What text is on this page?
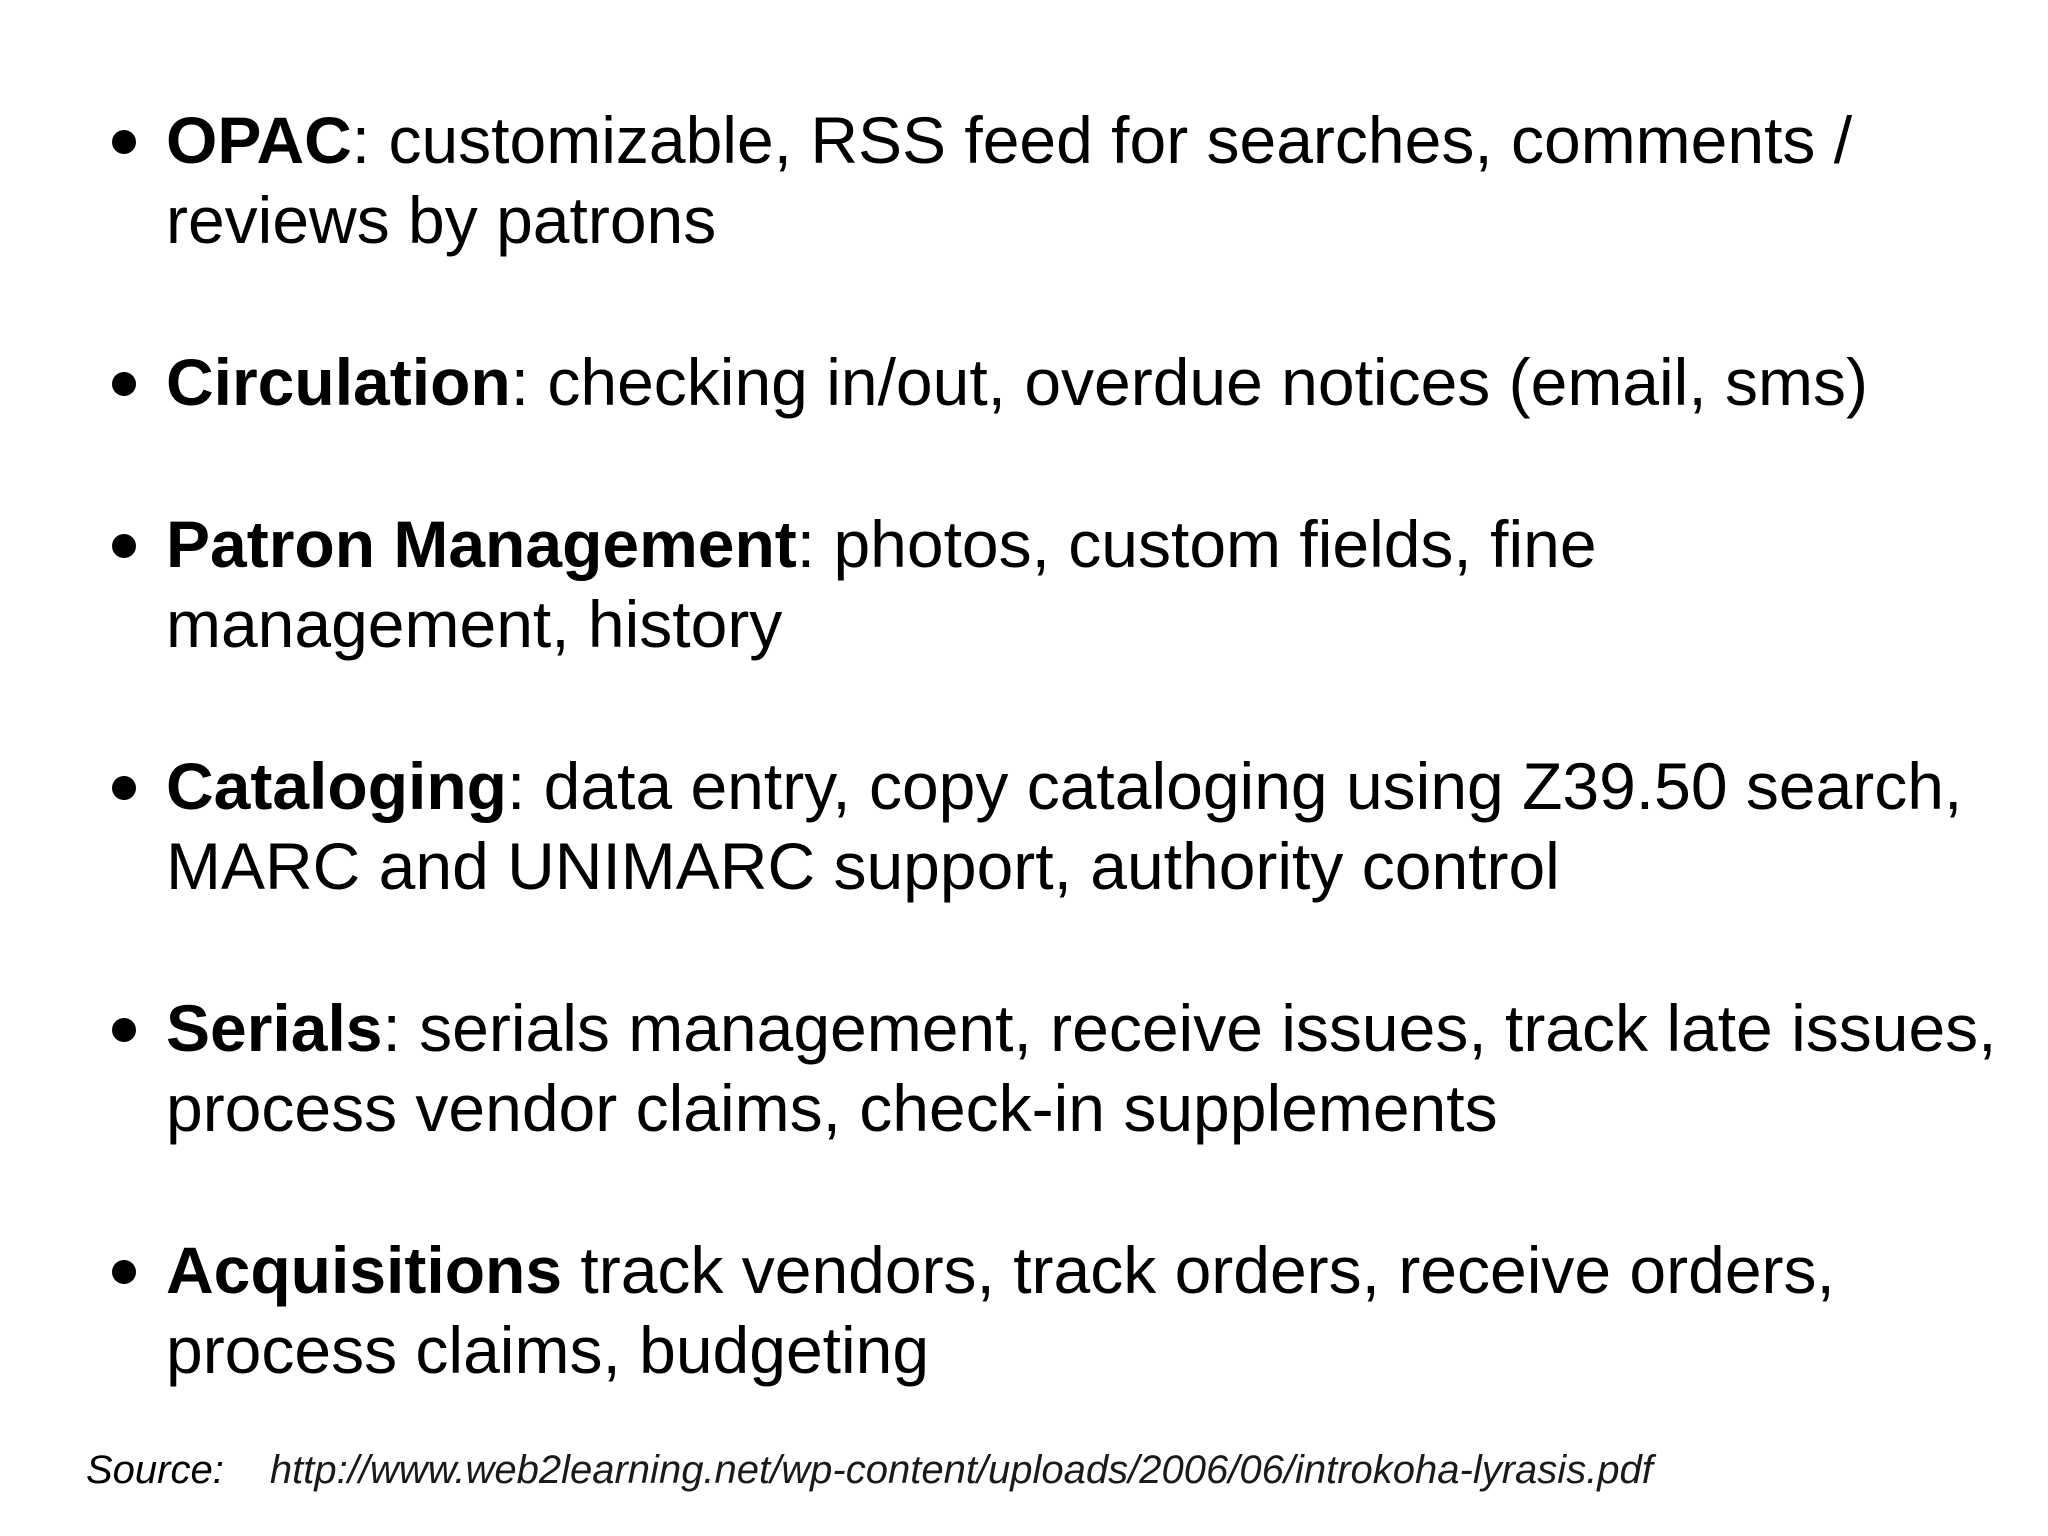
OPAC: customizable, RSS feed for searches, comments / reviews by patrons
Circulation: checking in/out, overdue notices (email, sms)
Patron Management: photos, custom fields, fine management, history
Cataloging: data entry, copy cataloging using Z39.50 search, MARC and UNIMARC support, authority control
Serials: serials management, receive issues, track late issues, process vendor claims, check-in supplements
Acquisitions track vendors, track orders, receive orders, process claims, budgeting
Source: http://www.web2learning.net/wp-content/uploads/2006/06/introkoha-lyrasis.pdf
